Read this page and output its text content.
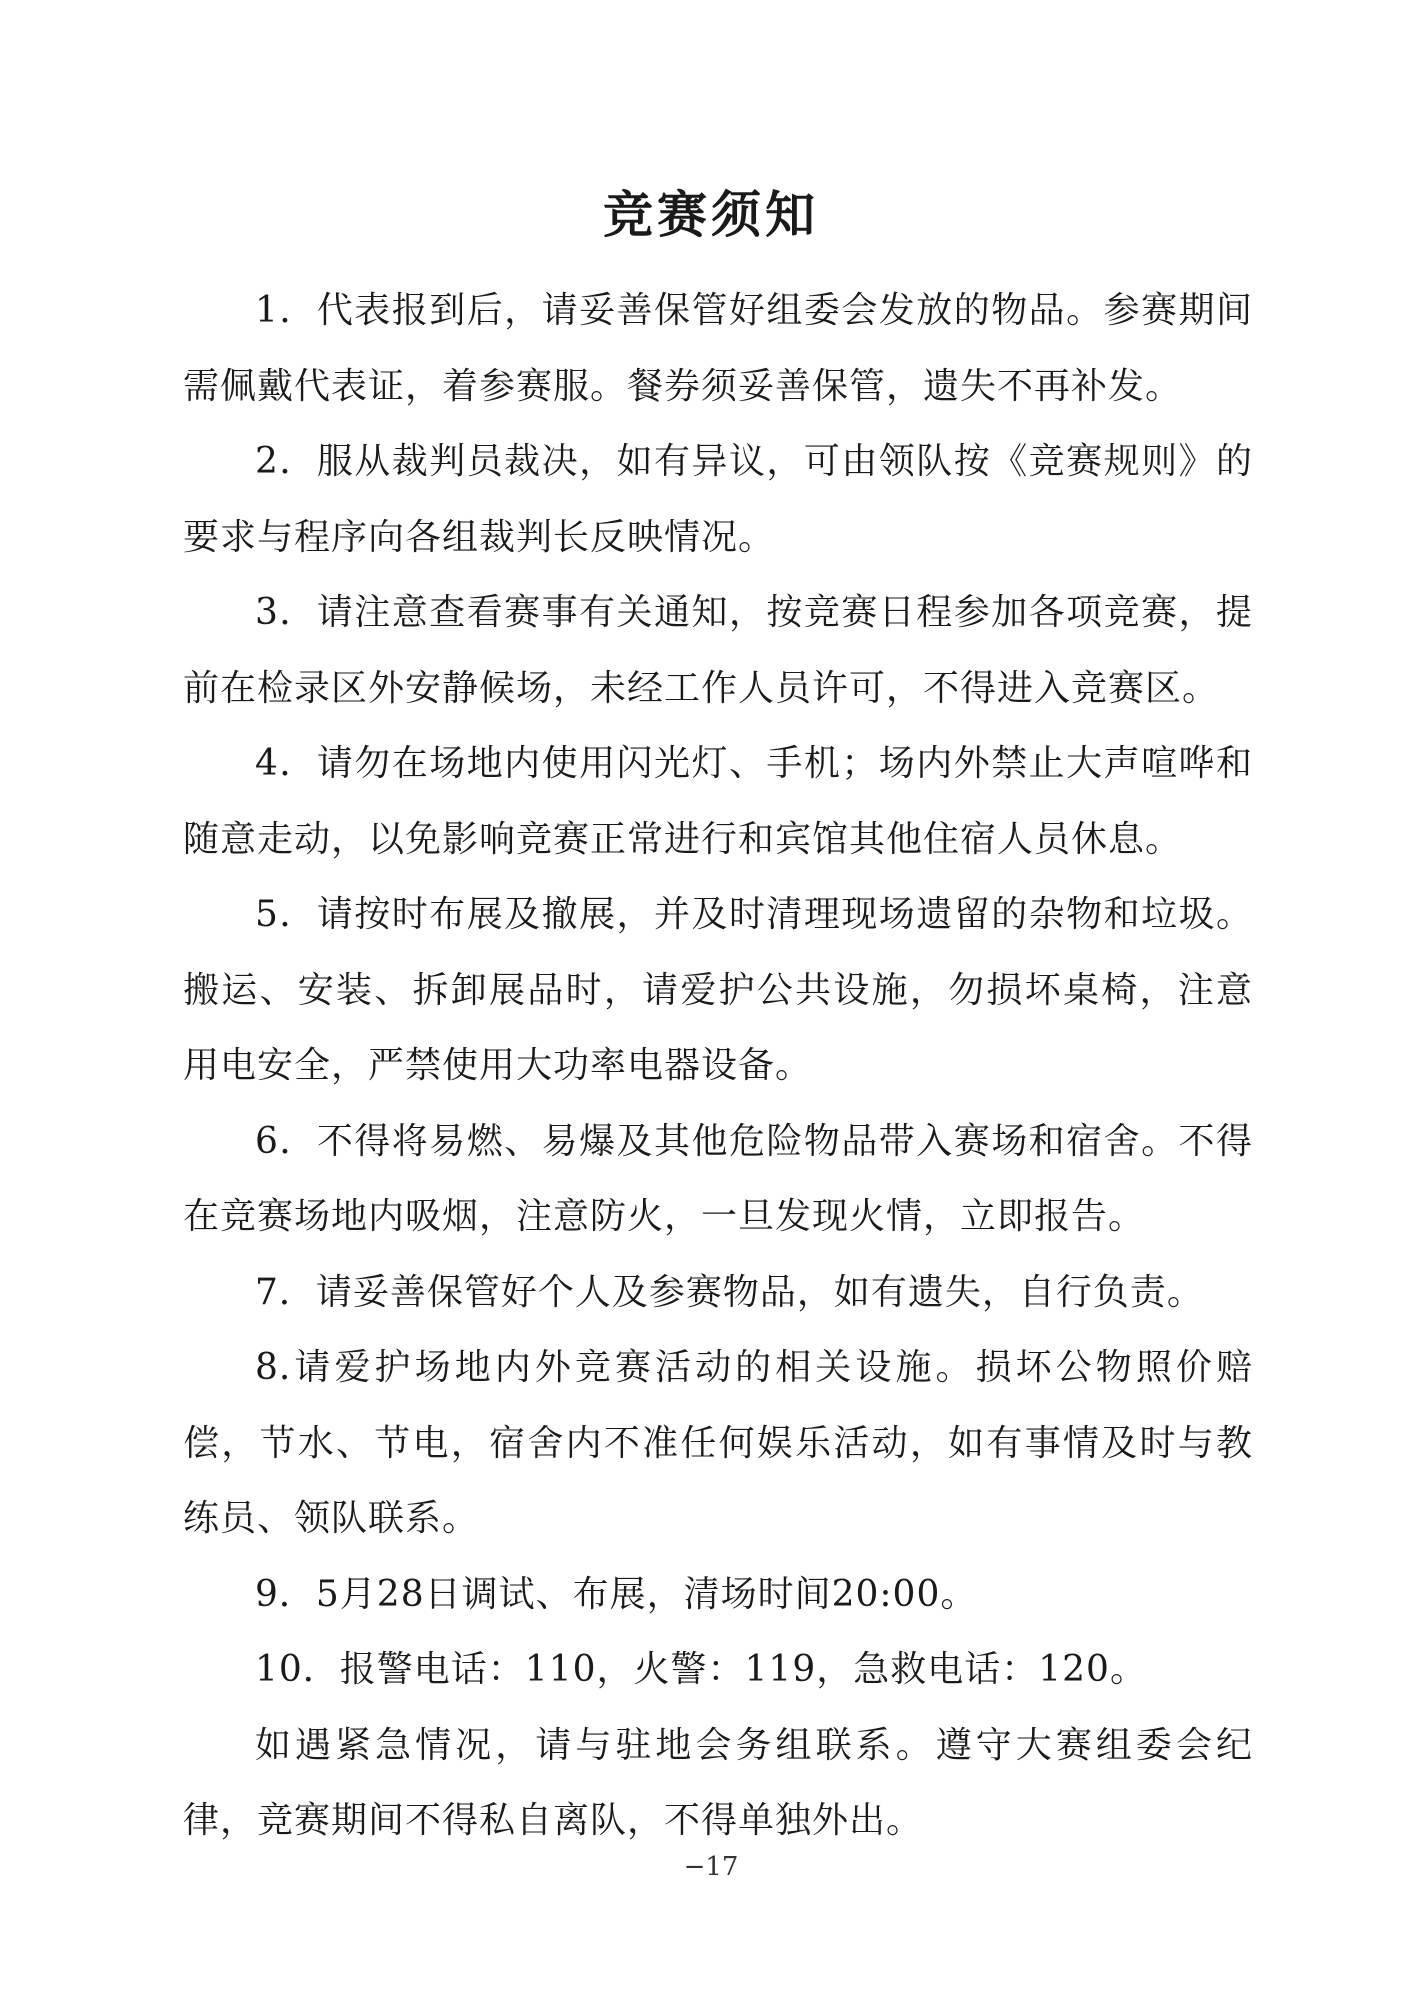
竞赛须知

1．代表报到后，请妥善保管好组委会发放的物品。参赛期间需佩戴代表证，着参赛服。餐券须妥善保管，遗失不再补发。

2．服从裁判员裁决，如有异议，可由领队按《竞赛规则》的要求与程序向各组裁判长反映情况。

3．请注意查看赛事有关通知，按竞赛日程参加各项竞赛，提前在检录区外安静候场，未经工作人员许可，不得进入竞赛区。

4．请勿在场地内使用闪光灯、手机；场内外禁止大声喧哗和随意走动，以免影响竞赛正常进行和宾馆其他住宿人员休息。

5．请按时布展及撤展，并及时清理现场遗留的杂物和垃圾。搬运、安装、拆卸展品时，请爱护公共设施，勿损坏桌椅，注意用电安全，严禁使用大功率电器设备。

6．不得将易燃、易爆及其他危险物品带入赛场和宿舍。不得在竞赛场地内吸烟，注意防火，一旦发现火情，立即报告。

7．请妥善保管好个人及参赛物品，如有遗失，自行负责。

8.请爱护场地内外竞赛活动的相关设施。损坏公物照价赔偿，节水、节电，宿舍内不准任何娱乐活动，如有事情及时与教练员、领队联系。

9．5月28日调试、布展，清场时间20:00。

10．报警电话：110，火警：119，急救电话：120。

如遇紧急情况，请与驻地会务组联系。遵守大赛组委会纪律，竞赛期间不得私自离队，不得单独外出。

−17
